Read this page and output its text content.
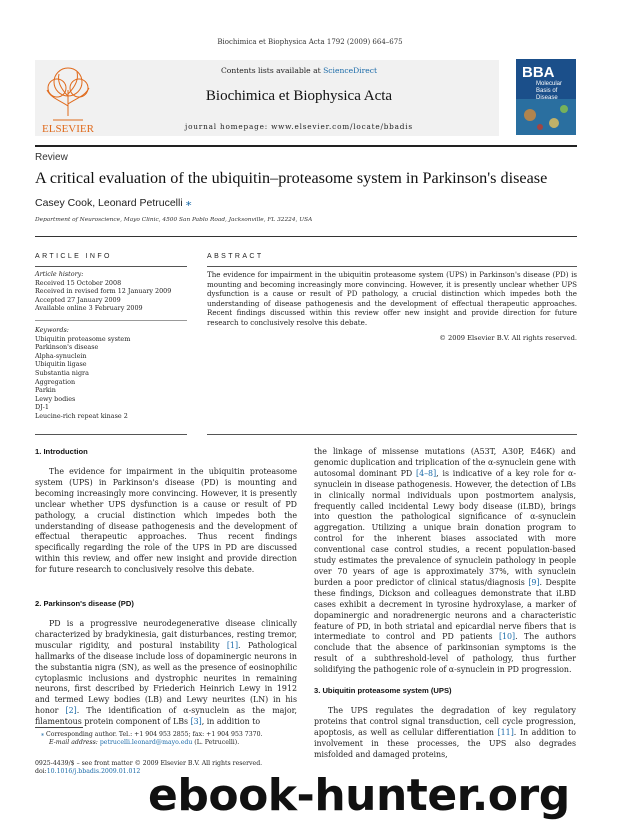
Biochimica et Biophysica Acta 1792 (2009) 664–675
ELSEVIER
Contents lists available at ScienceDirect
Biochimica et Biophysica Acta
journal homepage: www.elsevier.com/locate/bbadis
BBA
Molecular
Basis of
Disease
Review
A critical evaluation of the ubiquitin–proteasome system in Parkinson's disease
Casey Cook, Leonard Petrucelli ⁎
Department of Neuroscience, Mayo Clinic, 4500 San Pablo Road, Jacksonville, FL 32224, USA
ARTICLE INFO
Article history:
Received 15 October 2008
Received in revised form 12 January 2009
Accepted 27 January 2009
Available online 3 February 2009
Keywords:
Ubiquitin proteasome system
Parkinson's disease
Alpha-synuclein
Ubiquitin ligase
Substantia nigra
Aggregation
Parkin
Lewy bodies
DJ-1
Leucine-rich repeat kinase 2
ABSTRACT
The evidence for impairment in the ubiquitin proteasome system (UPS) in Parkinson's disease (PD) is mounting and becoming increasingly more convincing. However, it is presently unclear whether UPS dysfunction is a cause or result of PD pathology, a crucial distinction which impedes both the understanding of disease pathogenesis and the development of effectual therapeutic approaches. Recent findings discussed within this review offer new insight and provide direction for future research to conclusively resolve this debate.
© 2009 Elsevier B.V. All rights reserved.
1. Introduction
The evidence for impairment in the ubiquitin proteasome system (UPS) in Parkinson's disease (PD) is mounting and becoming increasingly more convincing. However, it is presently unclear whether UPS dysfunction is a cause or result of PD pathology, a crucial distinction which impedes both the understanding of disease pathogenesis and the development of effectual therapeutic approaches. Thus recent findings specifically regarding the role of the UPS in PD are discussed within this review, and offer new insight and provide direction for future research to conclusively resolve this debate.
2. Parkinson's disease (PD)
PD is a progressive neurodegenerative disease clinically characterized by bradykinesia, gait disturbances, resting tremor, muscular rigidity, and postural instability [1]. Pathological hallmarks of the disease include loss of dopaminergic neurons in the substantia nigra (SN), as well as the presence of eosinophilic cytoplasmic inclusions and dystrophic neurites in remaining neurons, first described by Friederich Heinrich Lewy in 1912 and termed Lewy bodies (LB) and Lewy neurites (LN) in his honor [2]. The identification of α-synuclein as the major, filamentous protein component of LBs [3], in addition to
the linkage of missense mutations (A53T, A30P, E46K) and genomic duplication and triplication of the α-synuclein gene with autosomal dominant PD [4–8], is indicative of a key role for α-synuclein in disease pathogenesis. However, the detection of LBs in clinically normal individuals upon postmortem analysis, frequently called incidental Lewy body disease (iLBD), brings into question the pathological significance of α-synuclein aggregation. Utilizing a unique brain donation program to control for the inherent biases associated with more conventional case control studies, a recent population-based study estimates the prevalence of synuclein pathology in people over 70 years of age is approximately 37%, with synuclein burden a poor predictor of clinical status/diagnosis [9]. Despite these findings, Dickson and colleagues demonstrate that iLBD cases exhibit a decrement in tyrosine hydroxylase, a marker of dopaminergic and noradrenergic neurons and a characteristic feature of PD, in both striatal and epicardial nerve fibers that is intermediate to control and PD patients [10]. The authors conclude that the absence of parkinsonian symptoms is the result of a subthreshold-level of pathology, thus further solidifying the pathogenic role of α-synuclein in PD progression.
3. Ubiquitin proteasome system (UPS)
The UPS regulates the degradation of key regulatory proteins that control signal transduction, cell cycle progression, apoptosis, as well as cellular differentiation [11]. In addition to involvement in these processes, the UPS also degrades misfolded and damaged proteins,
⁎ Corresponding author. Tel.: +1 904 953 2855; fax: +1 904 953 7370.
E-mail address: petrucelli.leonard@mayo.edu (L. Petrucelli).
0925-4439/$ – see front matter © 2009 Elsevier B.V. All rights reserved.
doi:10.1016/j.bbadis.2009.01.012 ebook-hunter.org
